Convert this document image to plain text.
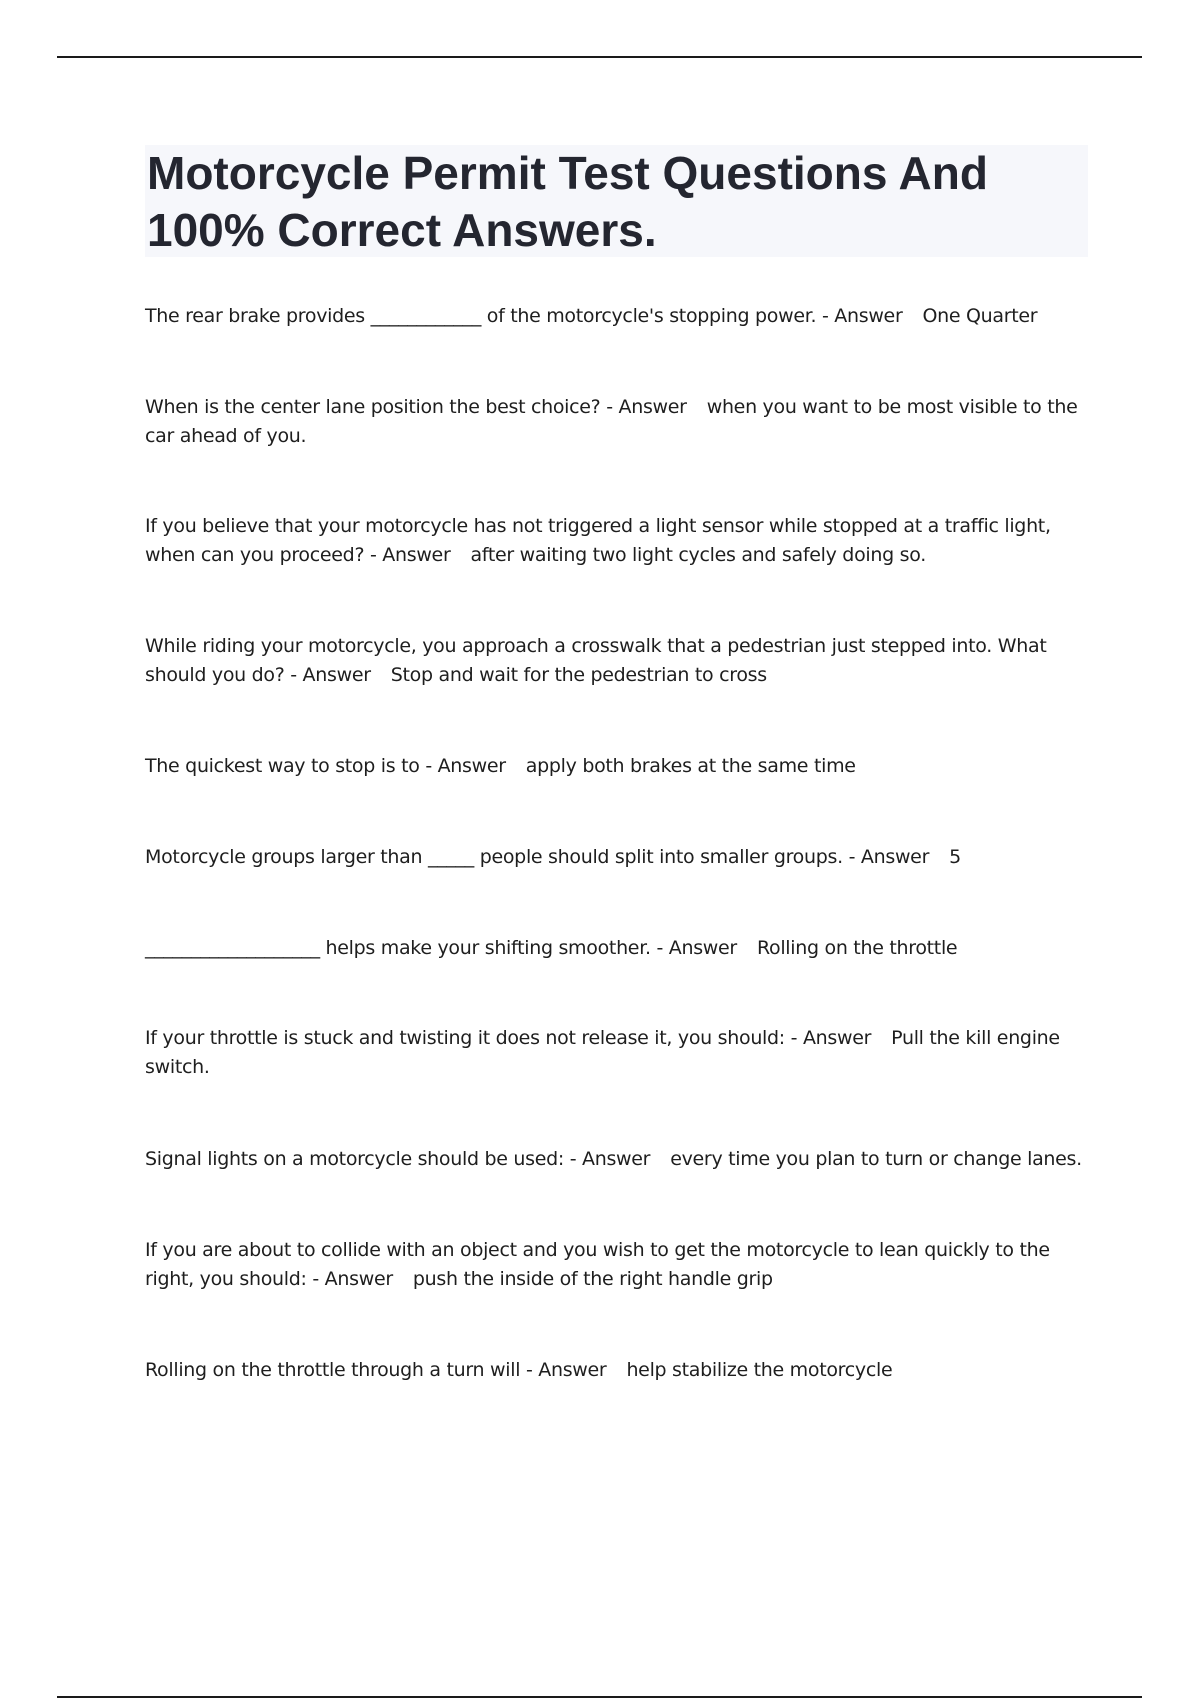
Motorcycle Permit Test Questions And 100% Correct Answers.

The rear brake provides ____________ of the motorcycle's stopping power. - Answer One Quarter

When is the center lane position the best choice? - Answer when you want to be most visible to the car ahead of you.

If you believe that your motorcycle has not triggered a light sensor while stopped at a traffic light, when can you proceed? - Answer after waiting two light cycles and safely doing so.

While riding your motorcycle, you approach a crosswalk that a pedestrian just stepped into. What should you do? - Answer Stop and wait for the pedestrian to cross

The quickest way to stop is to - Answer apply both brakes at the same time

Motorcycle groups larger than _____ people should split into smaller groups. - Answer 5

___________________ helps make your shifting smoother. - Answer Rolling on the throttle

If your throttle is stuck and twisting it does not release it, you should: - Answer Pull the kill engine switch.

Signal lights on a motorcycle should be used: - Answer every time you plan to turn or change lanes.

If you are about to collide with an object and you wish to get the motorcycle to lean quickly to the right, you should: - Answer push the inside of the right handle grip

Rolling on the throttle through a turn will - Answer help stabilize the motorcycle
